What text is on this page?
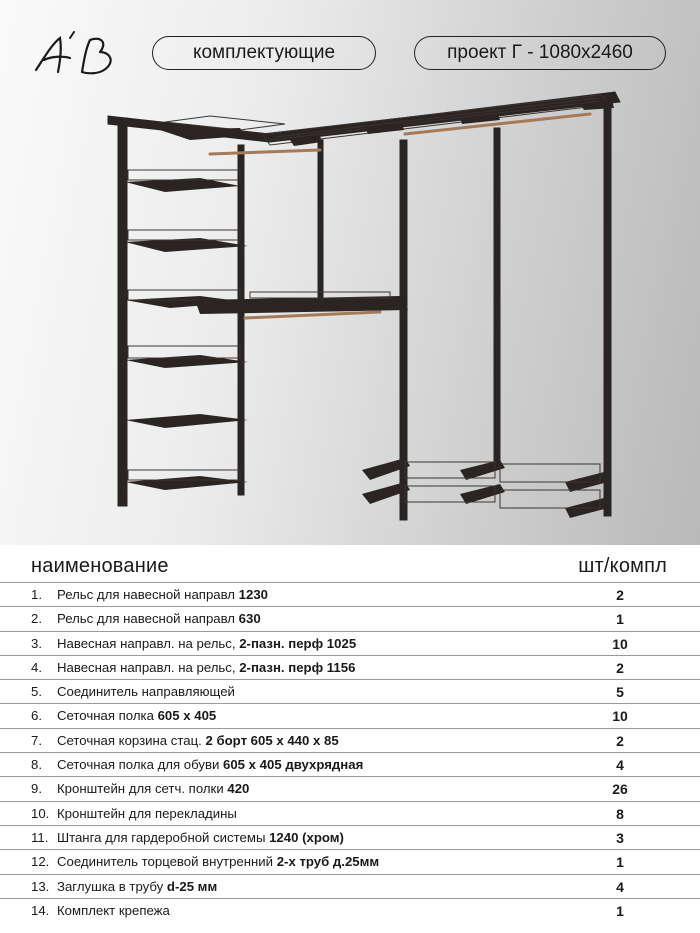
комплектующие	проект Г - 1080х2460
наименование	шт/компл
1. Рельс для навесной направл 1230	2
2. Рельс для навесной направл 630	1
3. Навесная направл. на рельс, 2-пазн. перф 1025	10
4. Навесная направл. на рельс, 2-пазн. перф 1156	2
5. Соединитель направляющей	5
6. Сеточная полка 605 х 405	10
7. Сеточная корзина стац. 2 борт 605 х 440 х 85	2
8. Сеточная полка для обуви 605 х 405 двухрядная	4
9. Кронштейн для сетч. полки 420	26
10. Кронштейн для перекладины	8
11. Штанга для гардеробной системы 1240 (хром)	3
12. Соединитель торцевой внутренний 2-х труб д.25мм	1
13. Заглушка в трубу d-25 мм	4
14. Комплект крепежа	1
